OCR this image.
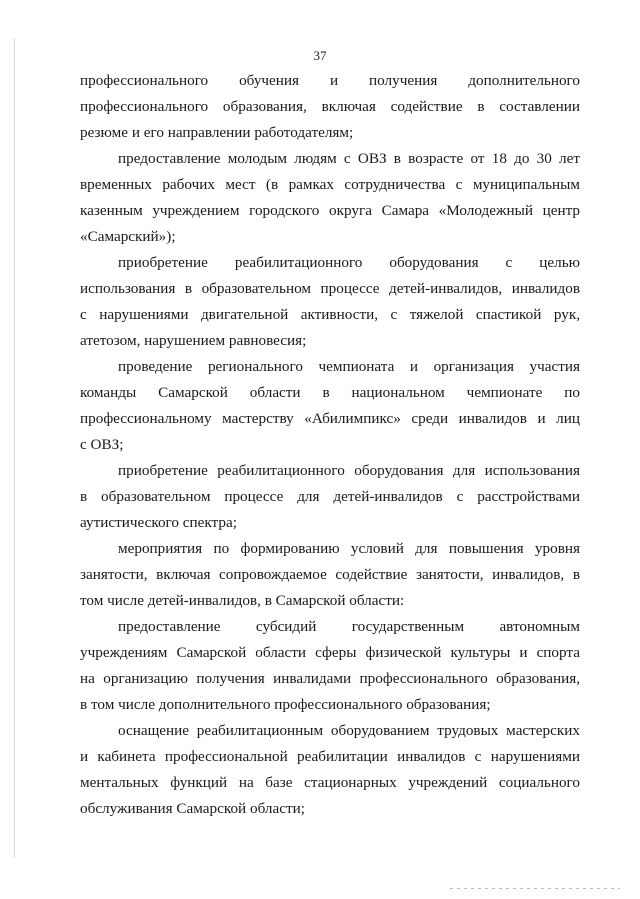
37
профессионального обучения и получения дополнительного
профессионального образования, включая содействие в составлении
резюме и его направлении работодателям;
предоставление молодым людям с ОВЗ в возрасте от 18 до 30 лет
временных рабочих мест (в рамках сотрудничества с муниципальным
казенным учреждением городского округа Самара «Молодежный центр
«Самарский»);
приобретение реабилитационного оборудования с целью
использования в образовательном процессе детей-инвалидов, инвалидов
с нарушениями двигательной активности, с тяжелой спастикой рук,
атетозом, нарушением равновесия;
проведение регионального чемпионата и организация участия
команды Самарской области в национальном чемпионате по
профессиональному мастерству «Абилимпикс» среди инвалидов и лиц
с ОВЗ;
приобретение реабилитационного оборудования для использования
в образовательном процессе для детей-инвалидов с расстройствами
аутистического спектра;
мероприятия по формированию условий для повышения уровня
занятости, включая сопровождаемое содействие занятости, инвалидов, в
том числе детей-инвалидов, в Самарской области:
предоставление субсидий государственным автономным
учреждениям Самарской области сферы физической культуры и спорта
на организацию получения инвалидами профессионального образования,
в том числе дополнительного профессионального образования;
оснащение реабилитационным оборудованием трудовых мастерских
и кабинета профессиональной реабилитации инвалидов с нарушениями
ментальных функций на базе стационарных учреждений социального
обслуживания Самарской области;
